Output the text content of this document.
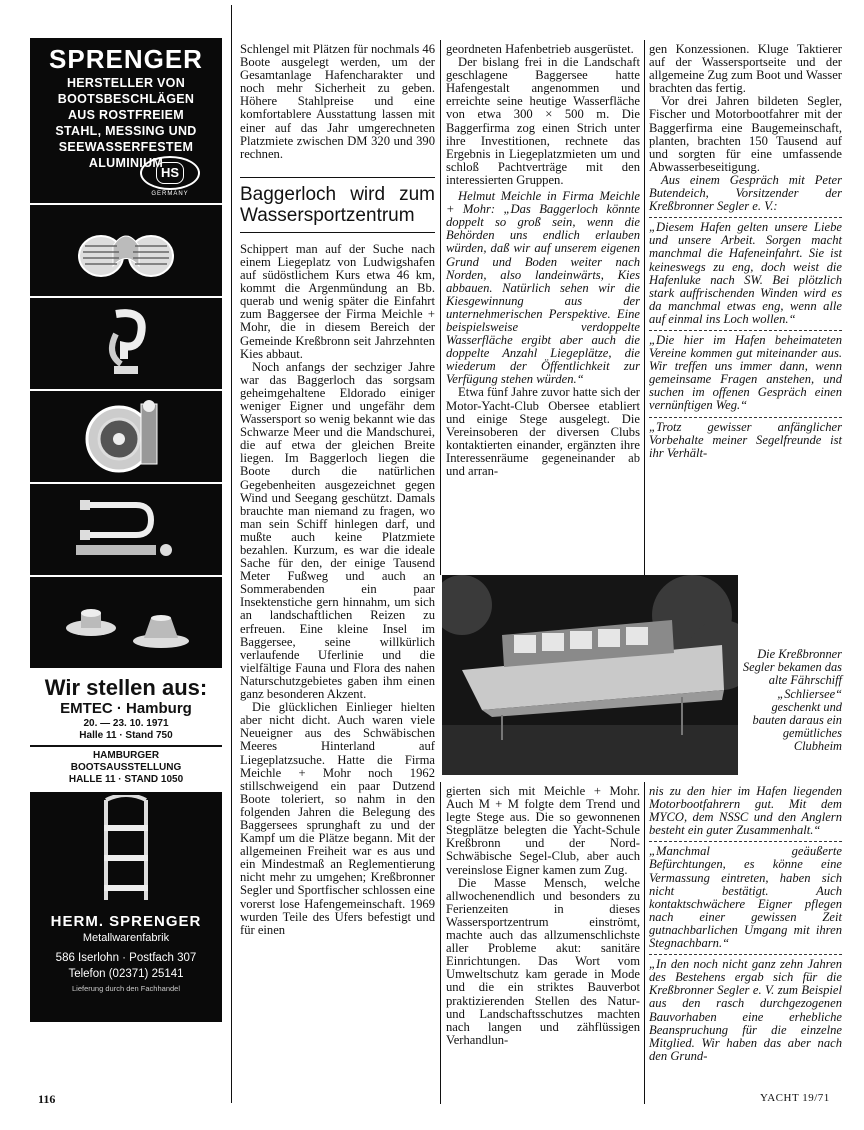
SPRENGER
HERSTELLER VON
BOOTSBESCHLÄGEN
AUS ROSTFREIEM
STAHL, MESSING UND
SEEWASSERFESTEM
ALUMINIUM
HS
GERMANY
Wir stellen aus:
EMTEC · Hamburg
20. — 23. 10. 1971
Halle 11 · Stand 750
HAMBURGER
BOOTSAUSSTELLUNG
HALLE 11 · STAND 1050
HERM. SPRENGER
Metallwarenfabrik
586 Iserlohn · Postfach 307
Telefon (02371) 25141
Lieferung durch den Fachhandel

Schlengel mit Plätzen für nochmals 46 Boote ausgelegt werden, um der Gesamtanlage Hafencharakter und noch mehr Sicherheit zu geben. Höhere Stahlpreise und eine komfortablere Ausstattung lassen mit einer auf das Jahr umgerechneten Platzmiete zwischen DM 320 und 390 rechnen.

Baggerloch wird zum Wassersportzentrum

Schippert man auf der Suche nach einem Liegeplatz von Ludwigshafen auf südöstlichem Kurs etwa 46 km, kommt die Argenmündung an Bb. querab und wenig später die Einfahrt zum Baggersee der Firma Meichle + Mohr, die in diesem Bereich der Gemeinde Kreßbronn seit Jahrzehnten Kies abbaut.

Noch anfangs der sechziger Jahre war das Baggerloch das sorgsam geheimgehaltene Eldorado einiger weniger Eigner und ungefähr dem Wassersport so wenig bekannt wie das Schwarze Meer und die Mandschurei, die auf etwa der gleichen Breite liegen. Im Baggerloch liegen die Boote durch die natürlichen Gegebenheiten ausgezeichnet gegen Wind und Seegang geschützt. Damals brauchte man niemand zu fragen, wo man sein Schiff hinlegen darf, und mußte auch keine Platzmiete bezahlen. Kurzum, es war die ideale Sache für den, der einige Tausend Meter Fußweg und auch an Sommerabenden ein paar Insektenstiche gern hinnahm, um sich an landschaftlichen Reizen zu erfreuen. Eine kleine Insel im Baggersee, seine willkürlich verlaufende Uferlinie und die vielfältige Fauna und Flora des nahen Naturschutzgebietes gaben ihm einen ganz besonderen Akzent.

Die glücklichen Einlieger hielten aber nicht dicht. Auch waren viele Neueigner aus des Schwäbischen Meeres Hinterland auf Liegeplatzsuche. Hatte die Firma Meichle + Mohr noch 1962 stillschweigend ein paar Dutzend Boote toleriert, so nahm in den folgenden Jahren die Belegung des Baggersees sprunghaft zu und der Kampf um die Plätze begann. Mit der allgemeinen Freiheit war es aus und ein Mindestmaß an Reglementierung nicht mehr zu umgehen; Kreßbronner Segler und Sportfischer schlossen eine vorerst lose Hafengemeinschaft. 1969 wurden Teile des Ufers befestigt und für einen

geordneten Hafenbetrieb ausgerüstet.

Der bislang frei in die Landschaft geschlagene Baggersee hatte Hafengestalt angenommen und erreichte seine heutige Wasserfläche von etwa 300 × 500 m. Die Baggerfirma zog einen Strich unter ihre Investitionen, rechnete das Ergebnis in Liegeplatzmieten um und schloß Pachtverträge mit den interessierten Gruppen.

Helmut Meichle in Firma Meichle + Mohr: „Das Baggerloch könnte doppelt so groß sein, wenn die Behörden uns endlich erlauben würden, daß wir auf unserem eigenen Grund und Boden weiter nach Norden, also landeinwärts, Kies abbauen. Natürlich sehen wir die Kiesgewinnung aus der unternehmerischen Perspektive. Eine beispielsweise verdoppelte Wasserfläche ergibt aber auch die doppelte Anzahl Liegeplätze, die wiederum der Öffentlichkeit zur Verfügung stehen würden.“

Etwa fünf Jahre zuvor hatte sich der Motor-Yacht-Club Obersee etabliert und einige Stege ausgelegt. Die Vereinsoberen der diversen Clubs kontaktierten einander, ergänzten ihre Interessenräume gegeneinander ab und arran-

gen Konzessionen. Kluge Taktierer auf der Wassersportseite und der allgemeine Zug zum Boot und Wasser brachten das fertig.

Vor drei Jahren bildeten Segler, Fischer und Motorbootfahrer mit der Baggerfirma eine Baugemeinschaft, planten, brachten 150 Tausend auf und sorgten für eine umfassende Abwasserbeseitigung.

Aus einem Gespräch mit Peter Butendeich, Vorsitzender der Kreßbronner Segler e. V.:

„Diesem Hafen gelten unsere Liebe und unsere Arbeit. Sorgen macht manchmal die Hafeneinfahrt. Sie ist keineswegs zu eng, doch weist die Hafenluke nach SW. Bei plötzlich stark auffrischenden Winden wird es da manchmal etwas eng, wenn alle auf einmal ins Loch wollen.“

„Die hier im Hafen beheimateten Vereine kommen gut miteinander aus. Wir treffen uns immer dann, wenn gemeinsame Fragen anstehen, und suchen im offenen Gespräch einen vernünftigen Weg.“

„Trotz gewisser anfänglicher Vorbehalte meiner Segelfreunde ist ihr Verhält-

Die Kreßbronner Segler bekamen das alte Fährschiff „Schliersee“ geschenkt und bauten daraus ein gemütliches Clubheim

gierten sich mit Meichle + Mohr. Auch M + M folgte dem Trend und legte Stege aus. Die so gewonnenen Stegplätze belegten die Yacht-Schule Kreßbronn und der Nord-Schwäbische Segel-Club, aber auch vereinslose Eigner kamen zum Zug.

Die Masse Mensch, welche allwochenendlich und besonders zu Ferienzeiten in dieses Wassersportzentrum einströmt, machte auch das allzumenschlichste aller Probleme akut: sanitäre Einrichtungen. Das Wort vom Umweltschutz kam gerade in Mode und die ein striktes Bauverbot praktizierenden Stellen des Natur- und Landschaftsschutzes machten nach langen und zähflüssigen Verhandlun-

nis zu den hier im Hafen liegenden Motorbootfahrern gut. Mit dem MYCO, dem NSSC und den Anglern besteht ein guter Zusammenhalt.“

„Manchmal geäußerte Befürchtungen, es könne eine Vermassung eintreten, haben sich nicht bestätigt. Auch kontaktschwächere Eigner pflegen nach einer gewissen Zeit gutnachbarlichen Umgang mit ihren Stegnachbarn.“

„In den noch nicht ganz zehn Jahren des Bestehens ergab sich für die Kreßbronner Segler e. V. zum Beispiel aus den rasch durchgezogenen Bauvorhaben eine erhebliche Beanspruchung für die einzelne Mitglied. Wir haben das aber nach den Grund-

116	YACHT 19/71
